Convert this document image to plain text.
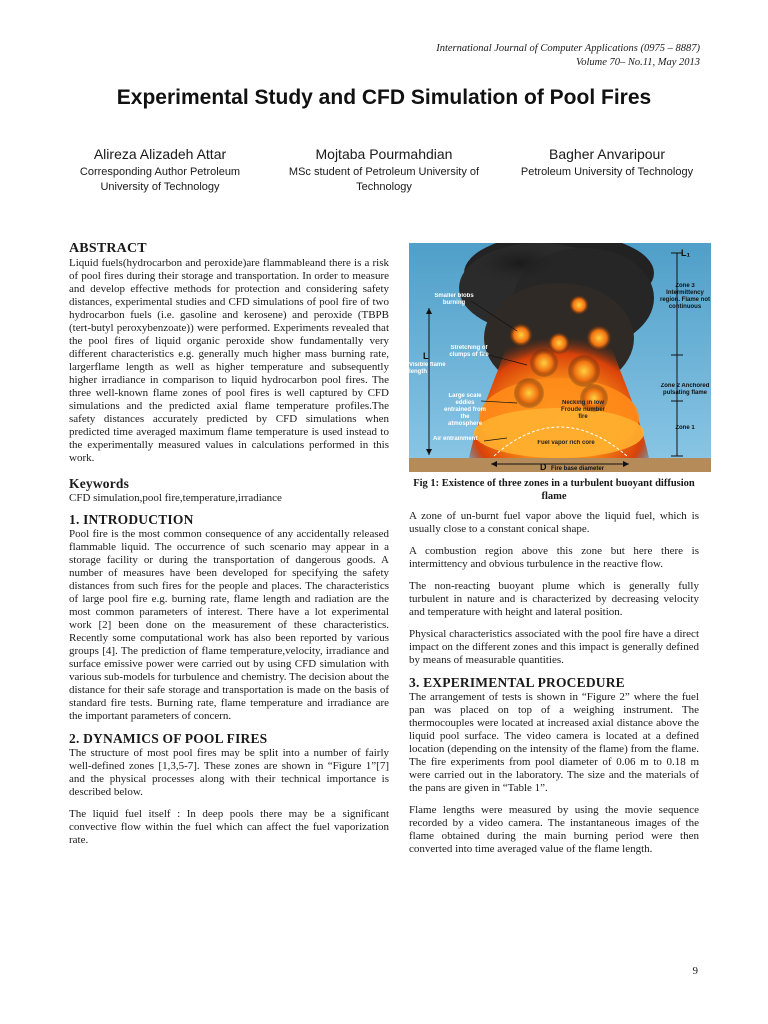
International Journal of Computer Applications (0975 – 8887)
Volume 70– No.11, May 2013
Experimental Study and CFD Simulation of Pool Fires
Alireza Alizadeh Attar
Corresponding Author Petroleum University of Technology
Mojtaba Pourmahdian
MSc student of Petroleum University of Technology
Bagher Anvaripour
Petroleum University of Technology
ABSTRACT

Liquid fuels(hydrocarbon and peroxide)are flammableand there is a risk of pool fires during their storage and transportation. In order to measure and develop effective methods for protection and considering safety distances, experimental studies and CFD simulations of pool fire of two hydrocarbon fuels (i.e. gasoline and kerosene) and peroxide (TBPB (tert-butyl peroxybenzoate)) were performed. Experiments revealed that the pool fires of liquid organic peroxide show fundamentally very different characteristics e.g. generally much higher mass burning rate, largerflame length as well as higher temperature and subsequently higher irradiance in comparison to liquid hydrocarbon pool fires. The three well-known flame zones of pool fires is well captured by CFD simulations and the predicted axial flame temperature profiles.The safety distances accurately predicted by CFD simulations when predicted time averaged maximum flame temperature is used instead to the experimentally measured values in calculations performed in this work.

Keywords

CFD simulation,pool fire,temperature,irradiance

1. INTRODUCTION

Pool fire is the most common consequence of any accidentally released flammable liquid. The occurrence of such scenario may appear in a storage facility or during the transportation of dangerous goods. A number of measures have been developed for specifying the safety distances from such fires for the people and places. The characteristics of large pool fire e.g. burning rate, flame length and radiation are the most common parameters of interest. There have a lot experimental work [2] been done on the measurement of these characteristics. Recently some computational work has also been reported by various groups [4]. The prediction of flame temperature,velocity, irradiance and surface emissive power were carried out by using CFD simulation with various sub-models for turbulence and chemistry. The decision about the distance for their safe storage and transportation is made on the basis of standard fire tests. Burning rate, flame temperature and irradiance are the important parameters of concern.

2. DYNAMICS OF POOL FIRES

The structure of most pool fires may be split into a number of fairly well-defined zones [1,3,5-7]. These zones are shown in “Figure 1”[7] and the physical processes along with their technical importance is described below.

The liquid fuel itself : In deep pools there may be a significant convective flow within the fuel which can affect the fuel vaporization rate.

L₁
Zone 3 Intermittency region. Flame not continuous
Smaller blobs burning
Stretching of clumps of fire
L
Visible flame length
Zone 2 Anchored pulsating flame
Large scale eddies entrained from the atmosphere
Necking in low Froude number fire
Air entrainment
Fuel vapor rich core
Zone 1
D Fire base diameter
Fig 1: Existence of three zones in a turbulent buoyant diffusion flame

A zone of un-burnt fuel vapor above the liquid fuel, which is usually close to a constant conical shape.

A combustion region above this zone but here there is intermittency and obvious turbulence in the reactive flow.

The non-reacting buoyant plume which is generally fully turbulent in nature and is characterized by decreasing velocity and temperature with height and lateral position.

Physical characteristics associated with the pool fire have a direct impact on the different zones and this impact is generally defined by means of measurable quantities.

3. EXPERIMENTAL PROCEDURE

The arrangement of tests is shown in “Figure 2” where the fuel pan was placed on top of a weighing instrument. The thermocouples were located at increased axial distance above the liquid pool surface. The video camera is located at a defined location (depending on the intensity of the flame) from the flame. The fire experiments from pool diameter of 0.06 m to 0.18 m were carried out in the laboratory. The size and the materials of the pans are given in “Table 1”.

Flame lengths were measured by using the movie sequence recorded by a video camera. The instantaneous images of the flame obtained during the main burning period were then converted into time averaged value of the flame length.

9
